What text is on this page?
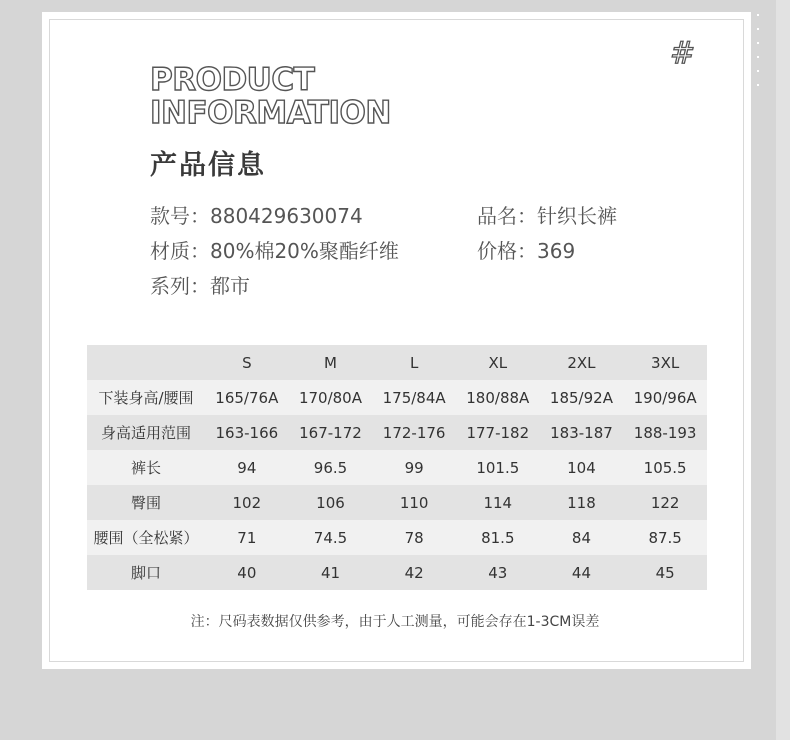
#
PRODUCT
INFORMATION
产品信息
款号：880429630074	品名：针织长裤
材质：80%棉20%聚酯纤维	价格：369
系列：都市
	S	M	L	XL	2XL	3XL
下装身高/腰围	165/76A	170/80A	175/84A	180/88A	185/92A	190/96A
身高适用范围	163-166	167-172	172-176	177-182	183-187	188-193
裤长	94	96.5	99	101.5	104	105.5
臀围	102	106	110	114	118	122
腰围（全松紧）	71	74.5	78	81.5	84	87.5
脚口	40	41	42	43	44	45
注：尺码表数据仅供参考，由于人工测量，可能会存在1-3CM误差
